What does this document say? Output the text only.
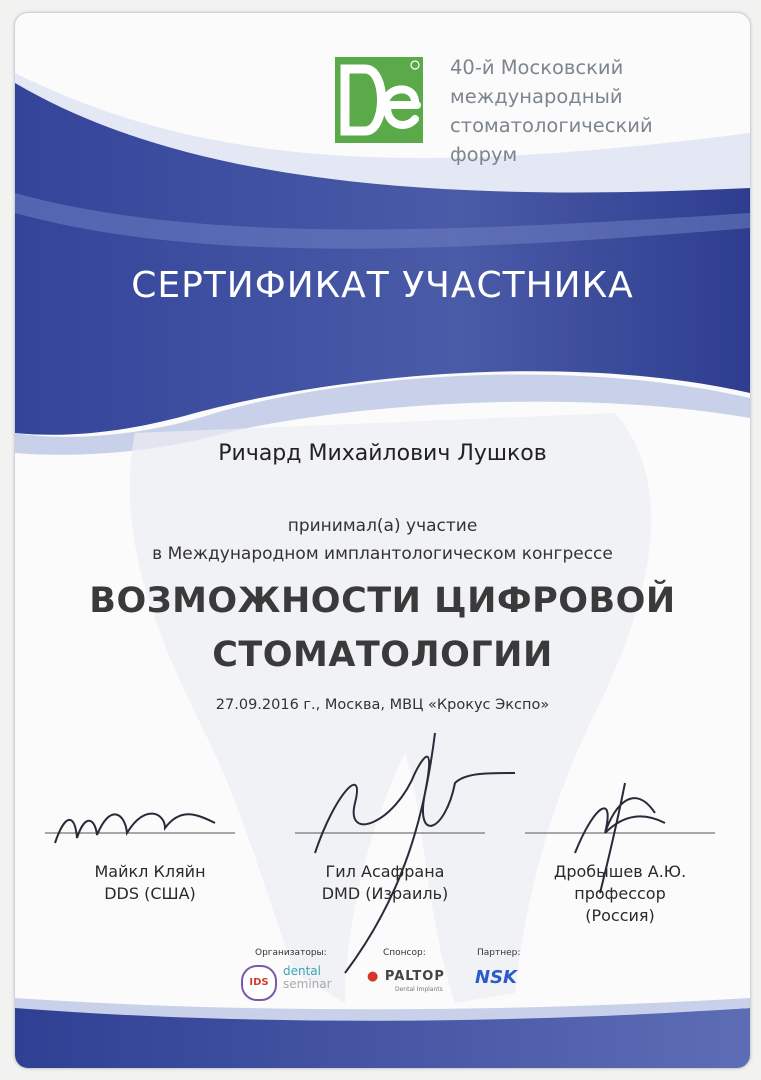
40-й Московский
международный
стоматологический
форум
СЕРТИФИКАТ УЧАСТНИКА
Ричард Михайлович Лушков
принимал(а) участие
в Международном имплантологическом конгрессе
ВОЗМОЖНОСТИ ЦИФРОВОЙ
СТОМАТОЛОГИИ
27.09.2016 г., Москва, МВЦ «Крокус Экспо»
Майкл Кляйн
DDS (США)
Гил Асафрана
DMD (Израиль)
Дробышев А.Ю.
профессор
(Россия)
Организаторы:	Спонсор:	Партнер:
IDS
dental
seminar	● PALTOP
Dental Implants
NSK
